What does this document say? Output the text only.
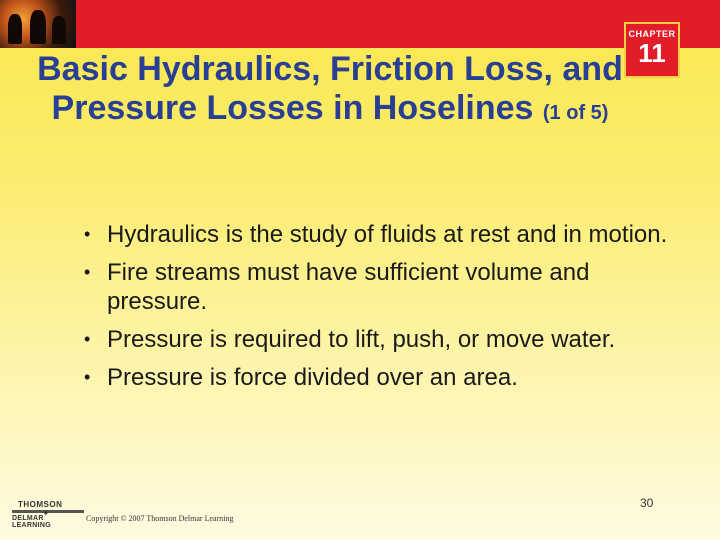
CHAPTER
11
Basic Hydraulics, Friction Loss, and Pressure Losses in Hoselines (1 of 5)
• Hydraulics is the study of fluids at rest and in motion.
• Fire streams must have sufficient volume and pressure.
• Pressure is required to lift, push, or move water.
• Pressure is force divided over an area.
30
THOMSON
✦
DELMAR LEARNING
Copyright © 2007 Thomson Delmar Learning
